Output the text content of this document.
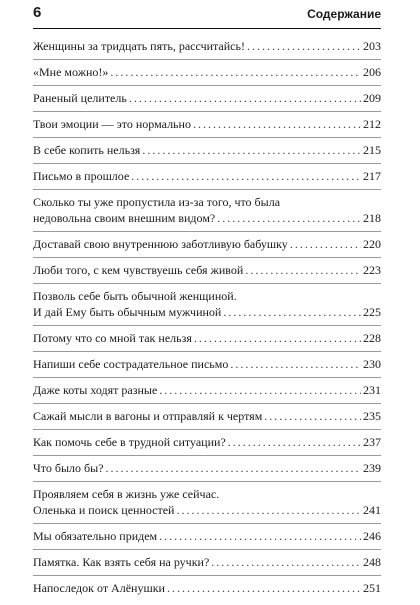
6	Содержание
Женщины за тридцать пять, рассчитайсь! . . .	203
«Мне можно!» . . .	206
Раненый целитель . . .	209
Твои эмоции — это нормально . . .	212
В себе копить нельзя . . .	215
Письмо в прошлое . . .	217
Сколько ты уже пропустила из-за того, что была
недовольна своим внешним видом? . . .	218
Доставай свою внутреннюю заботливую бабушку . . .	220
Люби того, с кем чувствуешь себя живой . . .	223
Позволь себе быть обычной женщиной.
И дай Ему быть обычным мужчиной . . .	225
Потому что со мной так нельзя . . .	228
Напиши себе сострадательное письмо . . .	230
Даже коты ходят разные . . .	231
Сажай мысли в вагоны и отправляй к чертям . . .	235
Как помочь себе в трудной ситуации? . . .	237
Что было бы? . . .	239
Проявляем себя в жизнь уже сейчас.
Оленька и поиск ценностей . . .	241
Мы обязательно придем . . .	246
Памятка. Как взять себя на ручки? . . .	248
Напоследок от Алёнушки . . .	251
